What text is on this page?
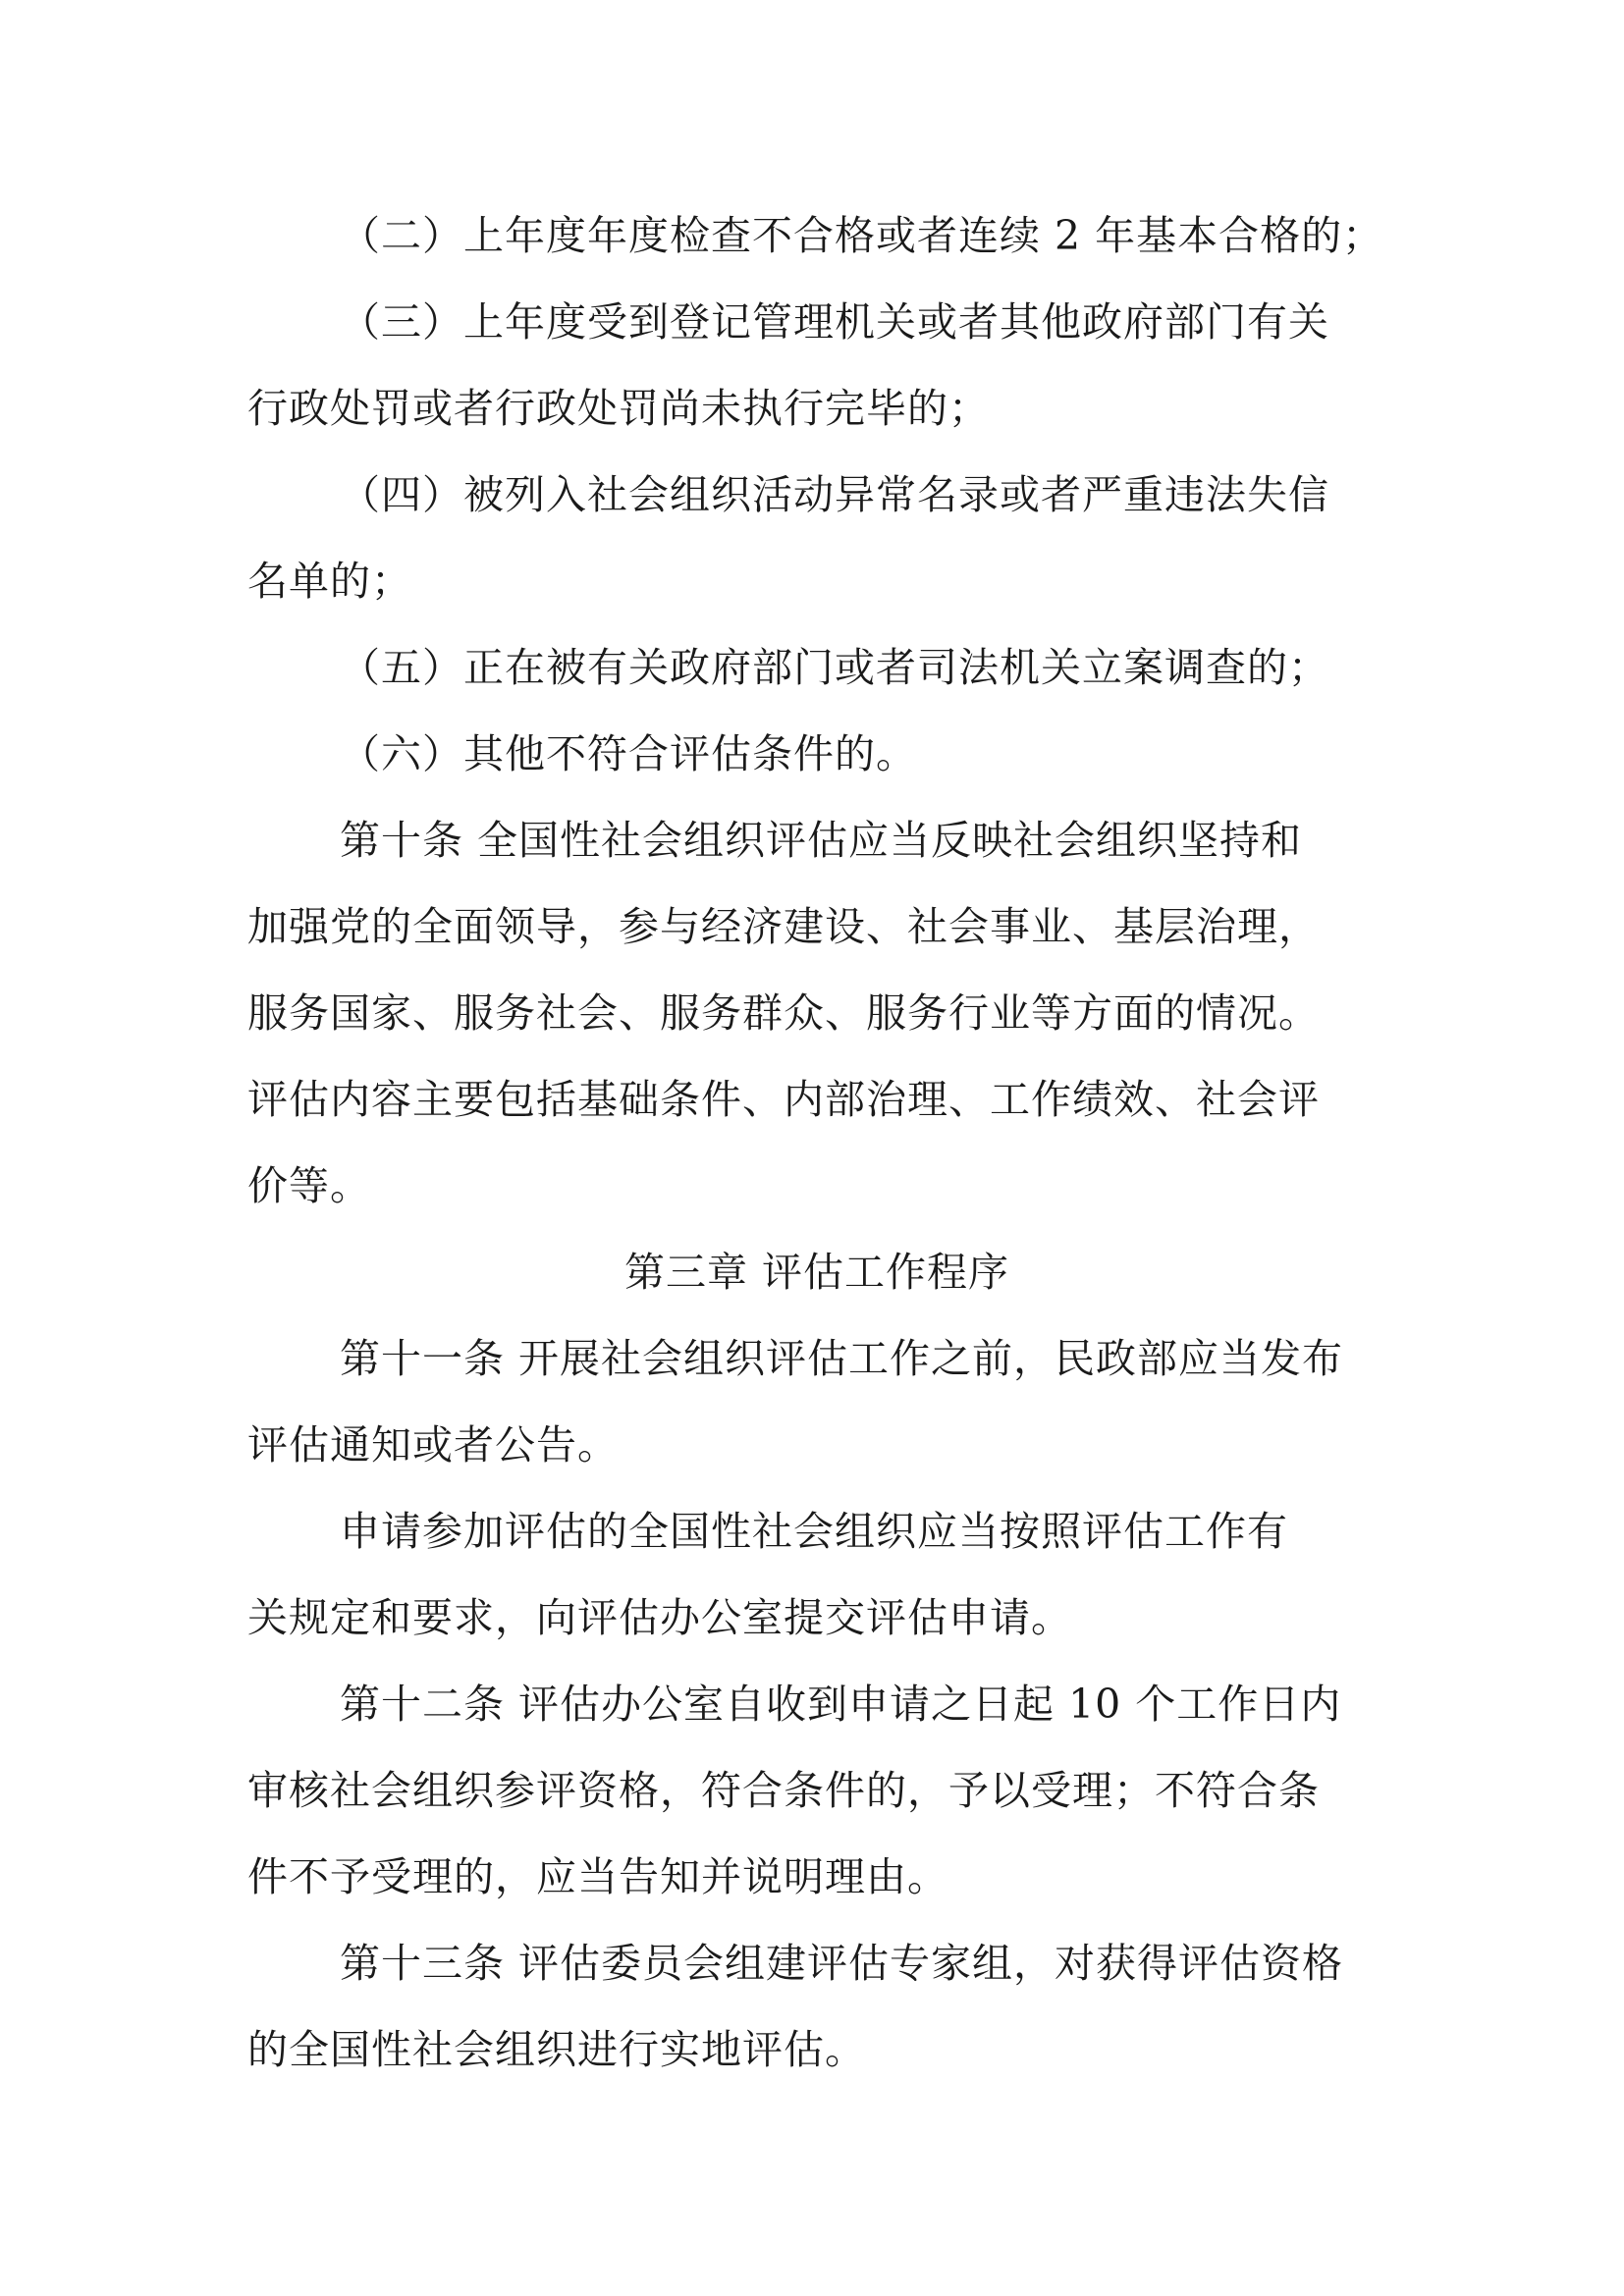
（二）上年度年度检查不合格或者连续 2 年基本合格的；
（三）上年度受到登记管理机关或者其他政府部门有关
行政处罚或者行政处罚尚未执行完毕的；
（四）被列入社会组织活动异常名录或者严重违法失信
名单的；
（五）正在被有关政府部门或者司法机关立案调查的；
（六）其他不符合评估条件的。
第十条 全国性社会组织评估应当反映社会组织坚持和
加强党的全面领导，参与经济建设、社会事业、基层治理，
服务国家、服务社会、服务群众、服务行业等方面的情况。
评估内容主要包括基础条件、内部治理、工作绩效、社会评
价等。
第三章 评估工作程序
第十一条 开展社会组织评估工作之前，民政部应当发布
评估通知或者公告。
申请参加评估的全国性社会组织应当按照评估工作有
关规定和要求，向评估办公室提交评估申请。
第十二条 评估办公室自收到申请之日起 10 个工作日内
审核社会组织参评资格，符合条件的，予以受理；不符合条
件不予受理的，应当告知并说明理由。
第十三条 评估委员会组建评估专家组，对获得评估资格
的全国性社会组织进行实地评估。
